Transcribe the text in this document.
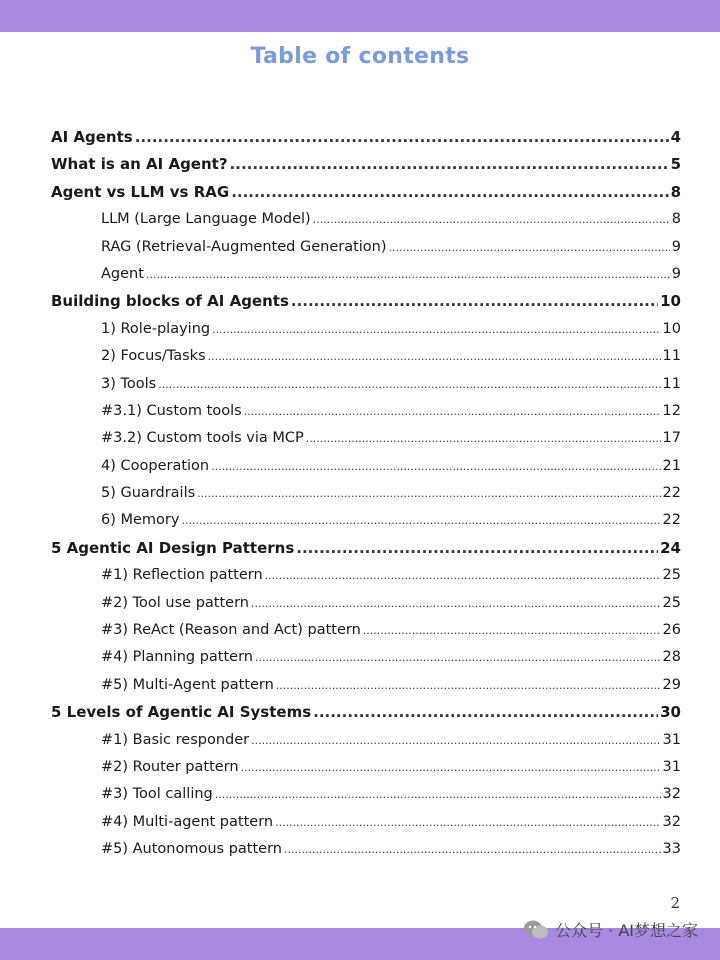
Table of contents
AI Agents .....	4
What is an AI Agent? .....	5
Agent vs LLM vs RAG .....	8
LLM (Large Language Model) .....	8
RAG (Retrieval-Augmented Generation) .....	9
Agent .....	9
Building blocks of AI Agents .....	10
1) Role-playing .....	10
2) Focus/Tasks .....	11
3) Tools .....	11
#3.1) Custom tools .....	12
#3.2) Custom tools via MCP .....	17
4) Cooperation .....	21
5) Guardrails .....	22
6) Memory .....	22
5 Agentic AI Design Patterns .....	24
#1) Reflection pattern .....	25
#2) Tool use pattern .....	25
#3) ReAct (Reason and Act) pattern .....	26
#4) Planning pattern .....	28
#5) Multi-Agent pattern .....	29
5 Levels of Agentic AI Systems .....	30
#1) Basic responder .....	31
#2) Router pattern .....	31
#3) Tool calling .....	32
#4) Multi-agent pattern .....	32
#5) Autonomous pattern .....	33
2
公众号 · AI梦想之家
